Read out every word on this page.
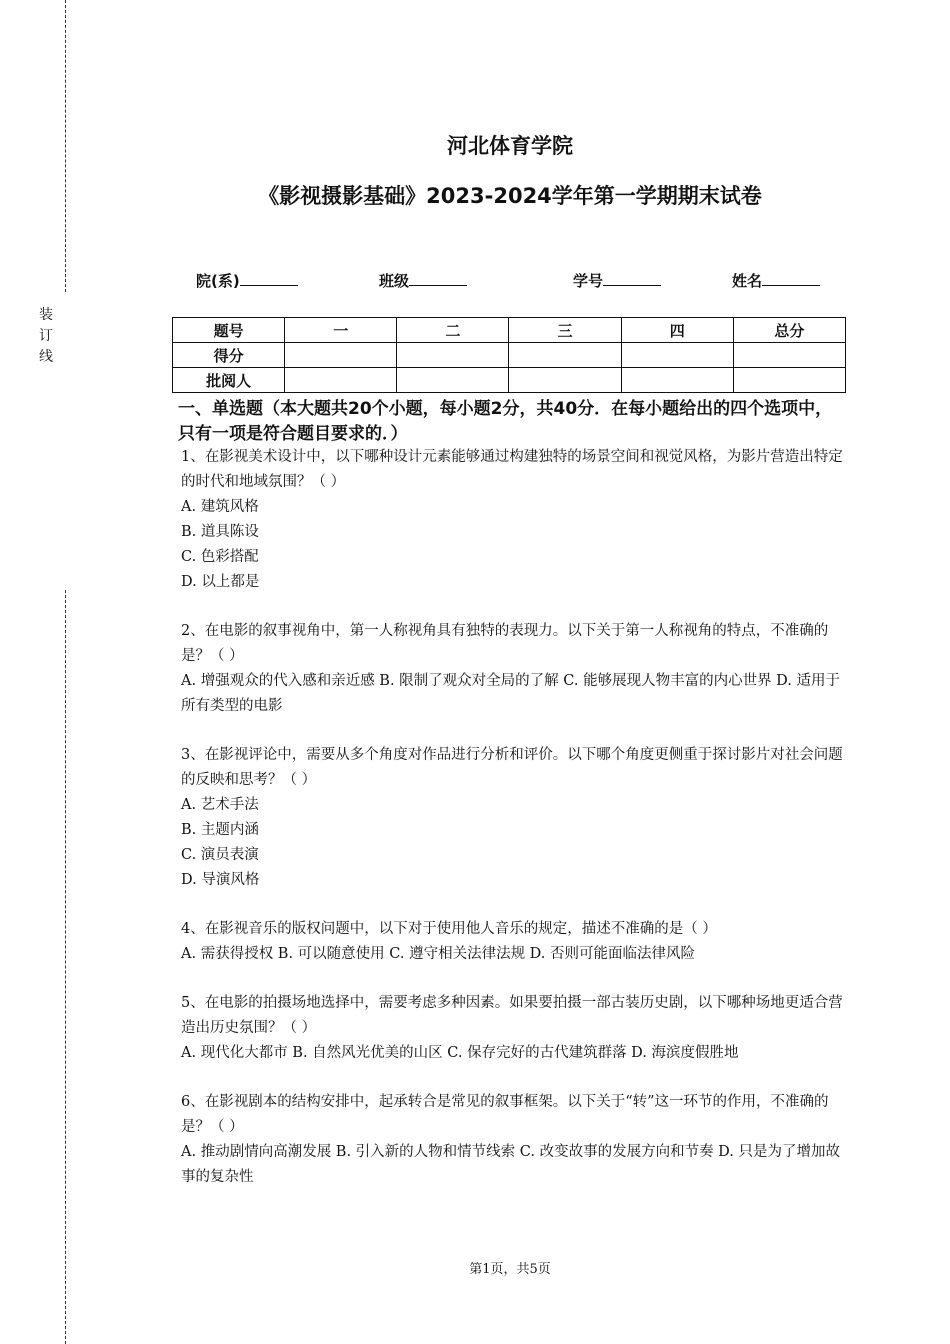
装订线
河北体育学院
《影视摄影基础》2023-2024学年第一学期期末试卷
院(系)	班级	学号	姓名
题号	一	二	三	四	总分
得分					
批阅人					
一、单选题（本大题共20个小题，每小题2分，共40分．在每小题给出的四个选项中，只有一项是符合题目要求的．）

1、在影视美术设计中，以下哪种设计元素能够通过构建独特的场景空间和视觉风格，为影片营造出特定的时代和地域氛围？（ ）

A. 建筑风格

B. 道具陈设

C. 色彩搭配

D. 以上都是

2、在电影的叙事视角中，第一人称视角具有独特的表现力。以下关于第一人称视角的特点，不准确的是？（ ）

A. 增强观众的代入感和亲近感 B. 限制了观众对全局的了解 C. 能够展现人物丰富的内心世界 D. 适用于所有类型的电影

3、在影视评论中，需要从多个角度对作品进行分析和评价。以下哪个角度更侧重于探讨影片对社会问题的反映和思考？（ ）

A. 艺术手法

B. 主题内涵

C. 演员表演

D. 导演风格

4、在影视音乐的版权问题中，以下对于使用他人音乐的规定，描述不准确的是（ ）

A. 需获得授权 B. 可以随意使用 C. 遵守相关法律法规 D. 否则可能面临法律风险

5、在电影的拍摄场地选择中，需要考虑多种因素。如果要拍摄一部古装历史剧，以下哪种场地更适合营造出历史氛围？（ ）

A. 现代化大都市 B. 自然风光优美的山区 C. 保存完好的古代建筑群落 D. 海滨度假胜地

6、在影视剧本的结构安排中，起承转合是常见的叙事框架。以下关于“转”这一环节的作用，不准确的是？（ ）

A. 推动剧情向高潮发展 B. 引入新的人物和情节线索 C. 改变故事的发展方向和节奏 D. 只是为了增加故事的复杂性

第1页，共5页
